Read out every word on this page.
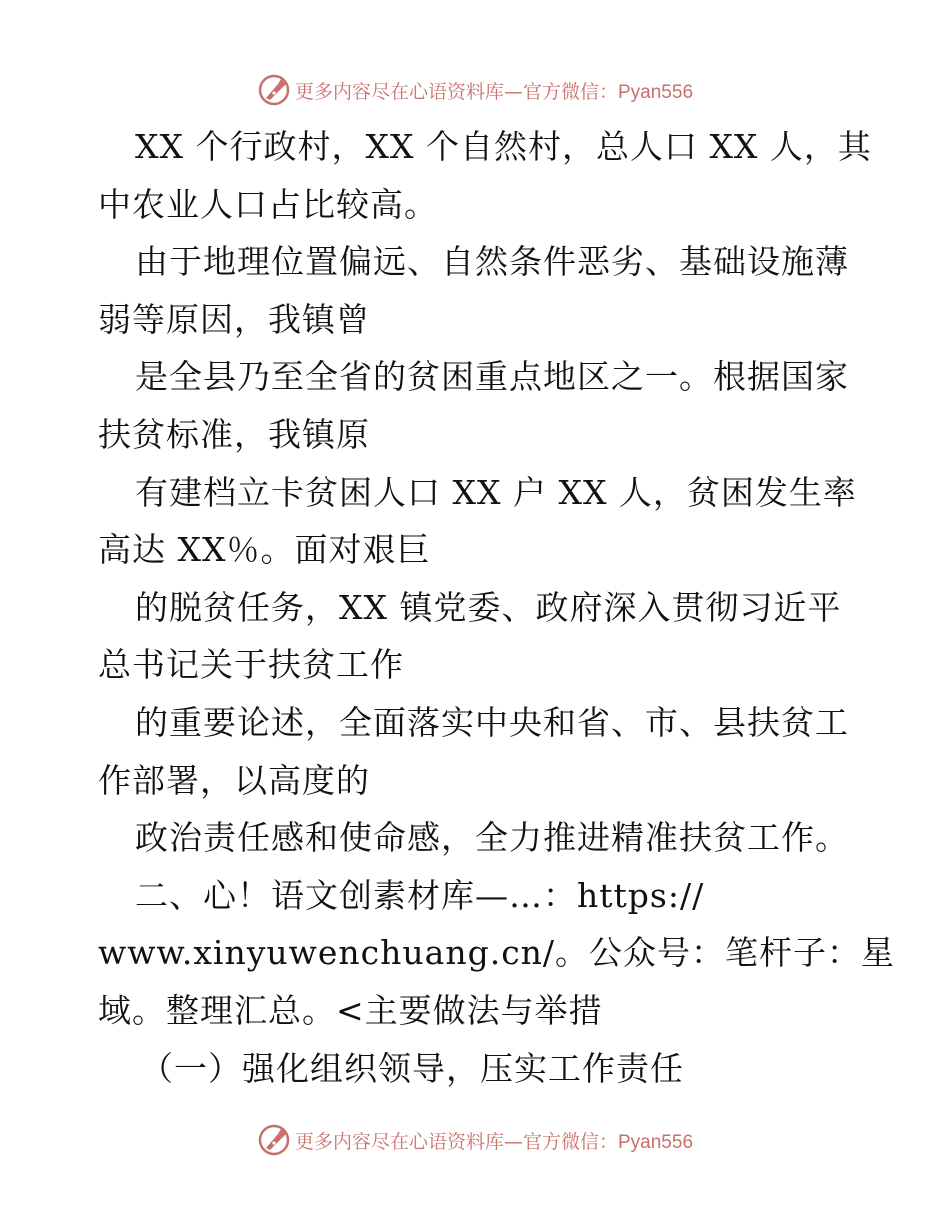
更多内容尽在心语资料库—官方微信：Pyan556
XX 个行政村，XX 个自然村，总人口 XX 人，其
中农业人口占比较高。
由于地理位置偏远、自然条件恶劣、基础设施薄
弱等原因，我镇曾
是全县乃至全省的贫困重点地区之一。根据国家
扶贫标准，我镇原
有建档立卡贫困人口 XX 户 XX 人，贫困发生率
高达 XX％。面对艰巨
的脱贫任务，XX 镇党委、政府深入贯彻习近平
总书记关于扶贫工作
的重要论述，全面落实中央和省、市、县扶贫工
作部署，以高度的
政治责任感和使命感，全力推进精准扶贫工作。
二、心！语文创素材库—…：https://
www.xinyuwenchuang.cn/。公众号：笔杆子：星
域。整理汇总。<主要做法与举措
（一）强化组织领导，压实工作责任
更多内容尽在心语资料库—官方微信：Pyan556
